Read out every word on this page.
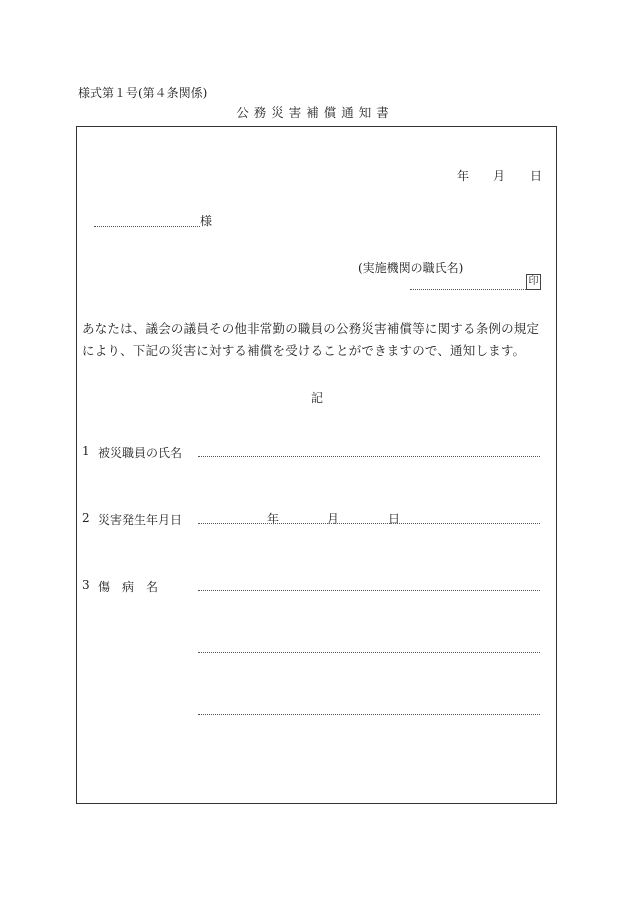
様式第１号(第４条関係)
公務災害補償通知書
年 月 日
様
(実施機関の職氏名)
印
あなたは、議会の議員その他非常勤の職員の公務災害補償等に関する条例の規定により、下記の災害に対する補償を受けることができますので、通知します。
記
1 被災職員の氏名
2 災害発生年月日	年	月	日
3 傷　病　名
